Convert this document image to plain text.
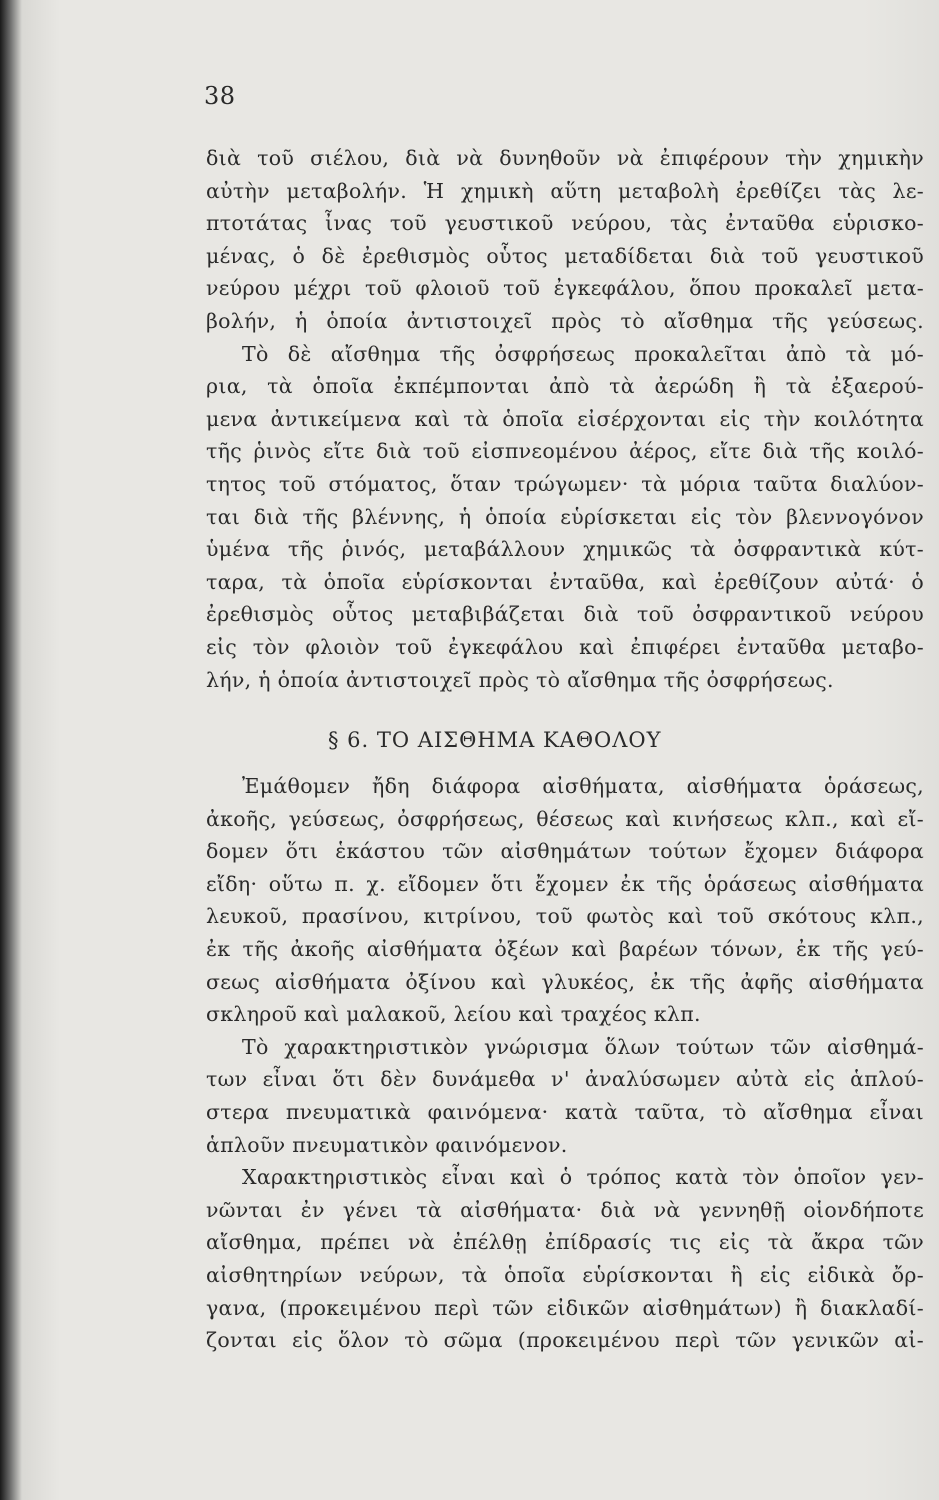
38
διὰ τοῦ σιέλου, διὰ νὰ δυνηθοῦν νὰ ἐπιφέρουν τὴν χημικὴν
αὐτὴν μεταβολήν. Ἡ χημικὴ αὕτη μεταβολὴ ἐρεθίζει τὰς λε-
πτοτάτας ἶνας τοῦ γευστικοῦ νεύρου, τὰς ἐνταῦθα εὑρισκο-
μένας, ὁ δὲ ἐρεθισμὸς οὗτος μεταδίδεται διὰ τοῦ γευστικοῦ
νεύρου μέχρι τοῦ φλοιοῦ τοῦ ἐγκεφάλου, ὅπου προκαλεῖ μετα-
βολήν, ἡ ὁποία ἀντιστοιχεῖ πρὸς τὸ αἴσθημα τῆς γεύσεως.
Τὸ δὲ αἴσθημα τῆς ὀσφρήσεως προκαλεῖται ἀπὸ τὰ μό-
ρια, τὰ ὁποῖα ἐκπέμπονται ἀπὸ τὰ ἀερώδη ἢ τὰ ἐξαερού-
μενα ἀντικείμενα καὶ τὰ ὁποῖα εἰσέρχονται εἰς τὴν κοιλότητα
τῆς ῥινὸς εἴτε διὰ τοῦ εἰσπνεομένου ἀέρος, εἴτε διὰ τῆς κοιλό-
τητος τοῦ στόματος, ὅταν τρώγωμεν· τὰ μόρια ταῦτα διαλύον-
ται διὰ τῆς βλέννης, ἡ ὁποία εὑρίσκεται εἰς τὸν βλεννογόνον
ὑμένα τῆς ῥινός, μεταβάλλουν χημικῶς τὰ ὀσφραντικὰ κύτ-
ταρα, τὰ ὁποῖα εὑρίσκονται ἐνταῦθα, καὶ ἐρεθίζουν αὐτά· ὁ
ἐρεθισμὸς οὗτος μεταβιβάζεται διὰ τοῦ ὀσφραντικοῦ νεύρου
εἰς τὸν φλοιὸν τοῦ ἐγκεφάλου καὶ ἐπιφέρει ἐνταῦθα μεταβο-
λήν, ἡ ὁποία ἀντιστοιχεῖ πρὸς τὸ αἴσθημα τῆς ὀσφρήσεως.
§ 6. ΤΟ ΑΙΣΘΗΜΑ ΚΑΘΟΛΟΥ
Ἐμάθομεν ἤδη διάφορα αἰσθήματα, αἰσθήματα ὁράσεως,
ἀκοῆς, γεύσεως, ὀσφρήσεως, θέσεως καὶ κινήσεως κλπ., καὶ εἴ-
δομεν ὅτι ἑκάστου τῶν αἰσθημάτων τούτων ἔχομεν διάφορα
εἴδη· οὕτω π. χ. εἴδομεν ὅτι ἔχομεν ἐκ τῆς ὁράσεως αἰσθήματα
λευκοῦ, πρασίνου, κιτρίνου, τοῦ φωτὸς καὶ τοῦ σκότους κλπ.,
ἐκ τῆς ἀκοῆς αἰσθήματα ὀξέων καὶ βαρέων τόνων, ἐκ τῆς γεύ-
σεως αἰσθήματα ὀξίνου καὶ γλυκέος, ἐκ τῆς ἀφῆς αἰσθήματα
σκληροῦ καὶ μαλακοῦ, λείου καὶ τραχέος κλπ.
Τὸ χαρακτηριστικὸν γνώρισμα ὅλων τούτων τῶν αἰσθημά-
των εἶναι ὅτι δὲν δυνάμεθα ν' ἀναλύσωμεν αὐτὰ εἰς ἁπλού-
στερα πνευματικὰ φαινόμενα· κατὰ ταῦτα, τὸ αἴσθημα εἶναι
ἁπλοῦν πνευματικὸν φαινόμενον.
Χαρακτηριστικὸς εἶναι καὶ ὁ τρόπος κατὰ τὸν ὁποῖον γεν-
νῶνται ἐν γένει τὰ αἰσθήματα· διὰ νὰ γεννηθῇ οἱονδήποτε
αἴσθημα, πρέπει νὰ ἐπέλθῃ ἐπίδρασίς τις εἰς τὰ ἄκρα τῶν
αἰσθητηρίων νεύρων, τὰ ὁποῖα εὑρίσκονται ἢ εἰς εἰδικὰ ὄρ-
γανα, (προκειμένου περὶ τῶν εἰδικῶν αἰσθημάτων) ἢ διακλαδί-
ζονται εἰς ὅλον τὸ σῶμα (προκειμένου περὶ τῶν γενικῶν αἰ-
